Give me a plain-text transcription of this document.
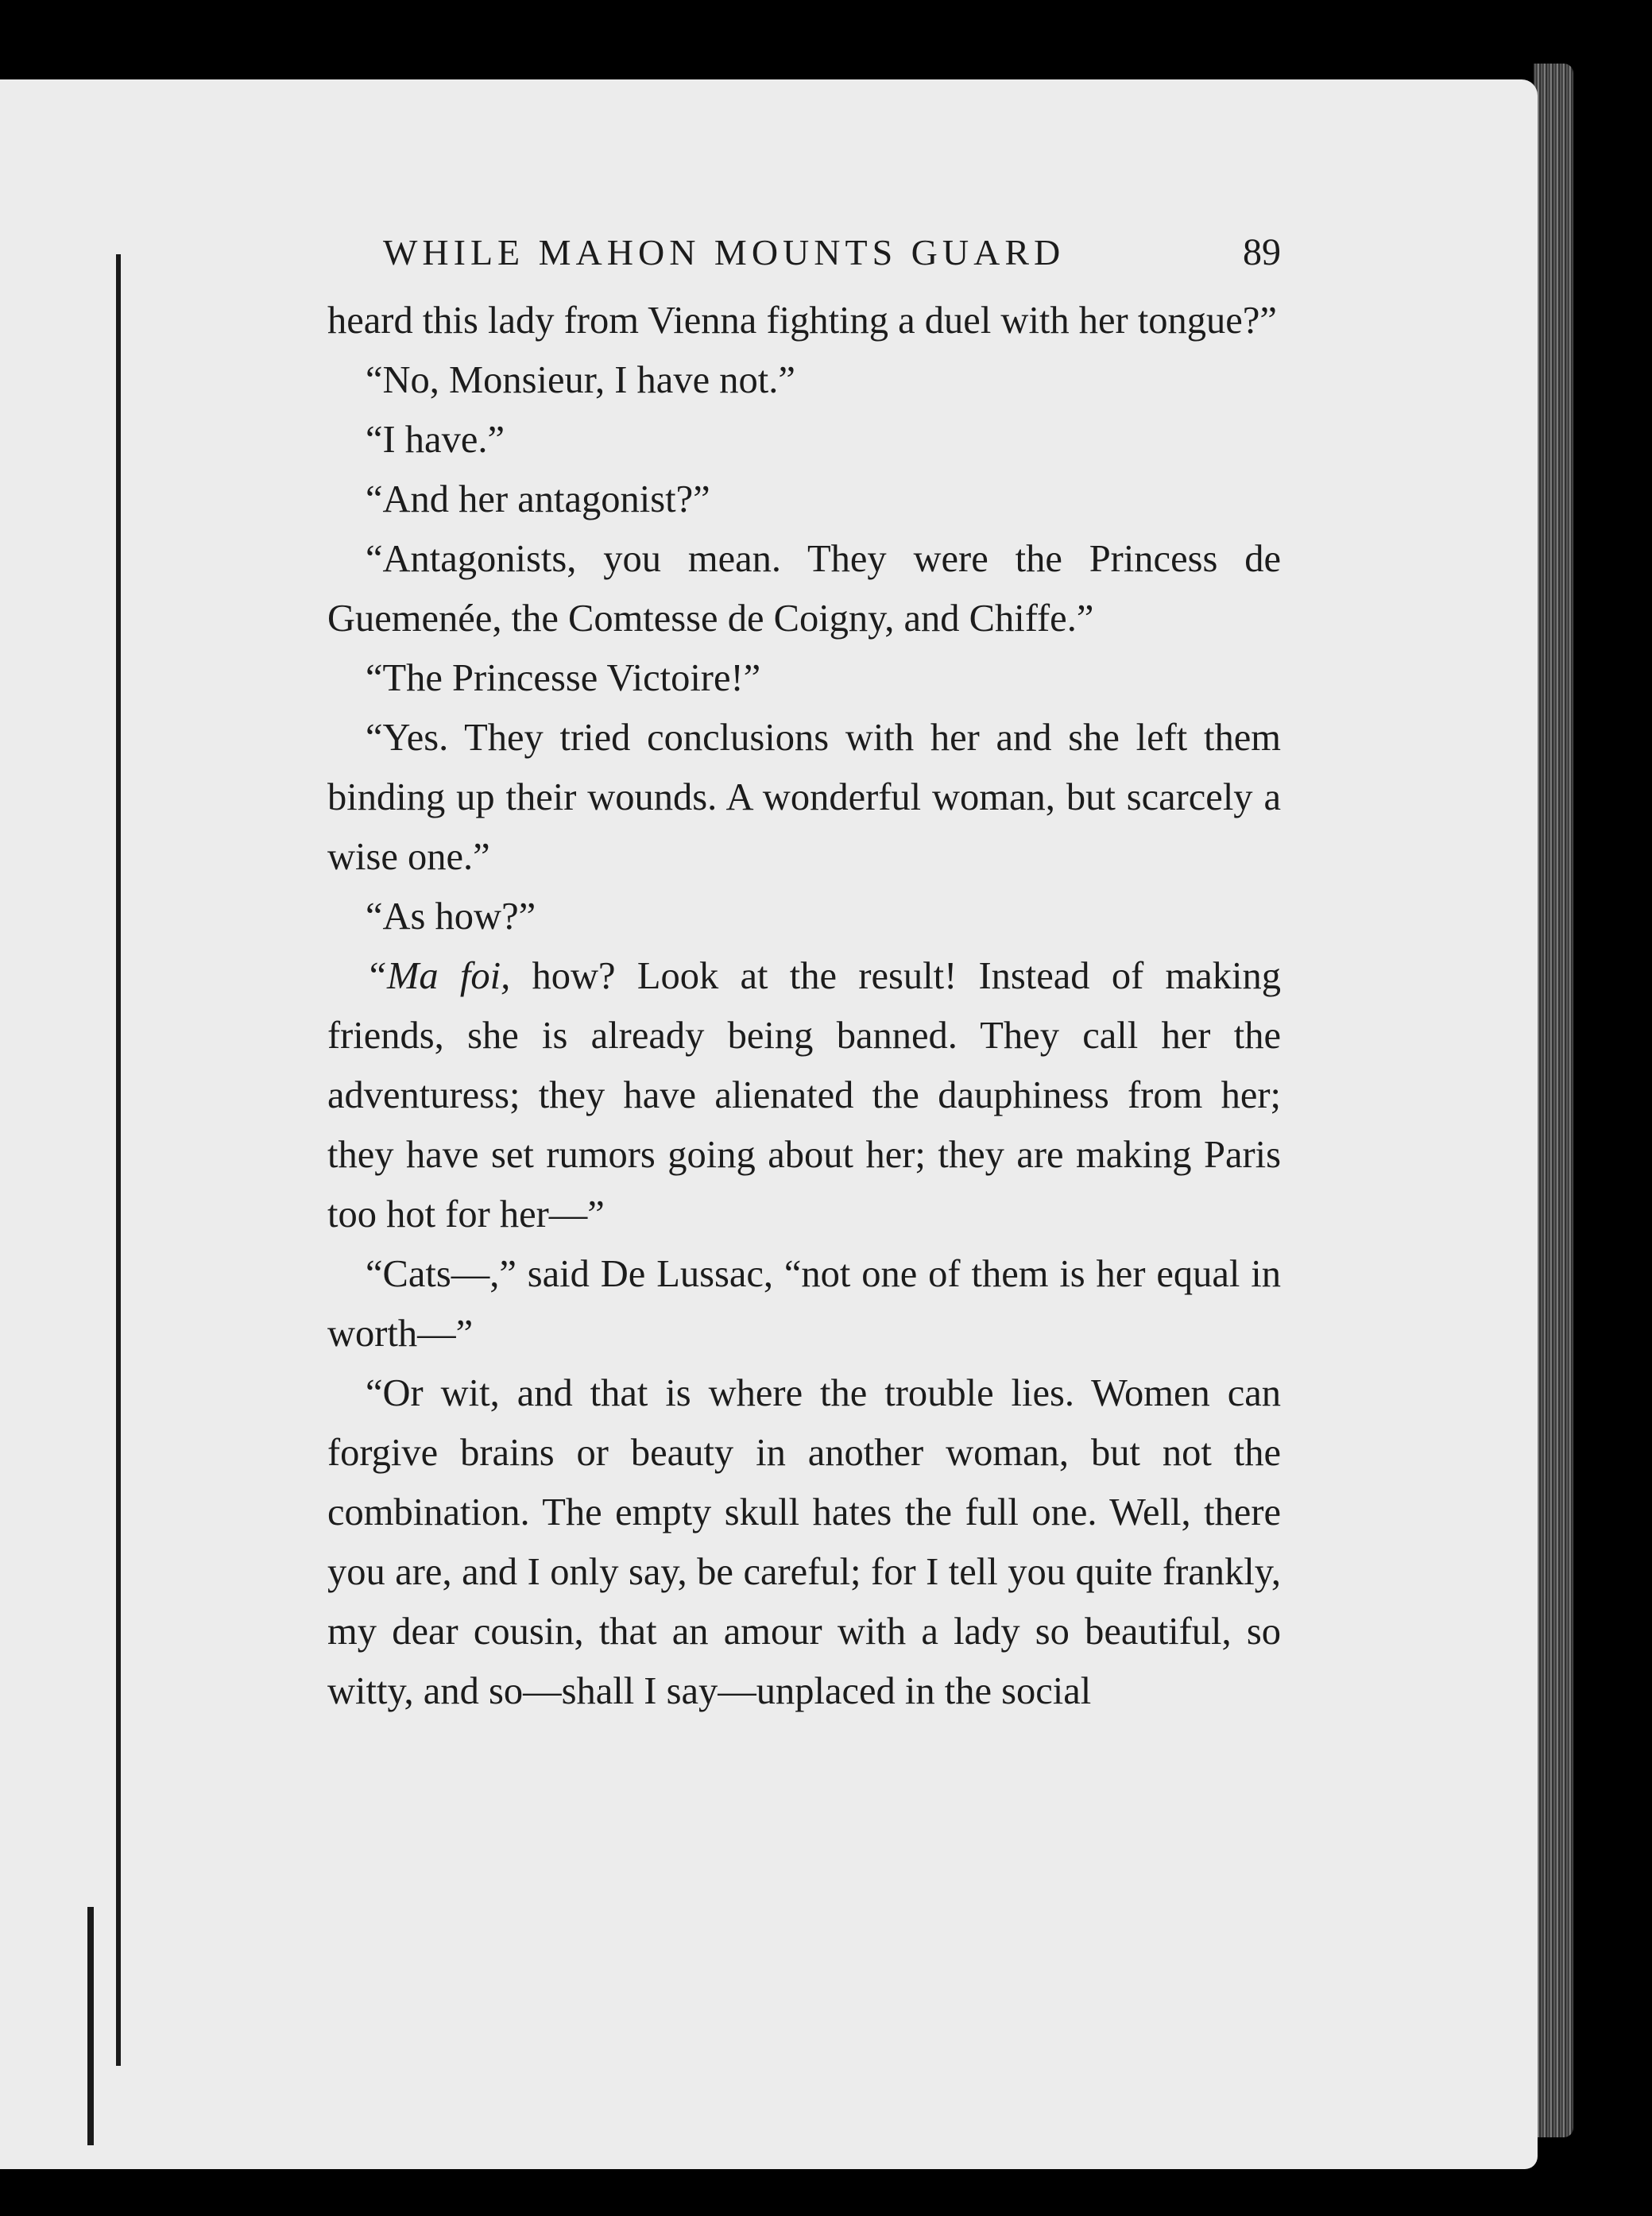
WHILE MAHON MOUNTS GUARD	89

heard this lady from Vienna fighting a duel with her tongue?”

“No, Monsieur, I have not.”

“I have.”

“And her antagonist?”

“Antagonists, you mean. They were the Princess de Guemenée, the Comtesse de Coigny, and Chiffe.”

“The Princesse Victoire!”

“Yes. They tried conclusions with her and she left them binding up their wounds. A wonderful woman, but scarcely a wise one.”

“As how?”

“Ma foi, how? Look at the result! Instead of making friends, she is already being banned. They call her the adventuress; they have alienated the dauphiness from her; they have set rumors going about her; they are making Paris too hot for her—”

“Cats—,” said De Lussac, “not one of them is her equal in worth—”

“Or wit, and that is where the trouble lies. Women can forgive brains or beauty in another woman, but not the combination. The empty skull hates the full one. Well, there you are, and I only say, be careful; for I tell you quite frankly, my dear cousin, that an amour with a lady so beautiful, so witty, and so—shall I say—unplaced in the social
